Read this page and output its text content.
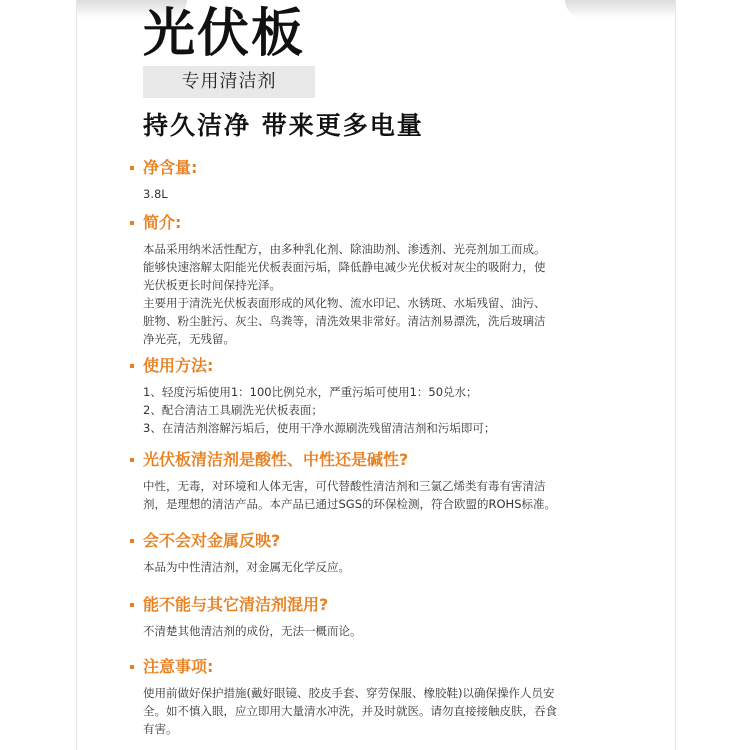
光伏板
专用清洁剂
持久洁净 带来更多电量
净含量:

3.8L

简介:

本品采用纳米活性配方，由多种乳化剂、除油助剂、渗透剂、光亮剂加工而成。

能够快速溶解太阳能光伏板表面污垢，降低静电减少光伏板对灰尘的吸附力，使

光伏板更长时间保持光泽。

主要用于清洗光伏板表面形成的风化物、流水印记、水锈斑、水垢残留、油污、

脏物、粉尘脏污、灰尘、鸟粪等，清洗效果非常好。清洁剂易漂洗，洗后玻璃洁

净光亮，无残留。

使用方法:

1、轻度污垢使用1：100比例兑水，严重污垢可使用1：50兑水；

2、配合清洁工具刷洗光伏板表面；

3、在清洁剂溶解污垢后，使用干净水源刷洗残留清洁剂和污垢即可；

光伏板清洁剂是酸性、中性还是碱性?

中性，无毒，对环境和人体无害，可代替酸性清洁剂和三氯乙烯类有毒有害清洁

剂，是理想的清洁产品。本产品已通过SGS的环保检测，符合欧盟的ROHS标准。

会不会对金属反映?

本品为中性清洁剂，对金属无化学反应。

能不能与其它清洁剂混用?

不清楚其他清洁剂的成份，无法一概而论。

注意事项:

使用前做好保护措施(戴好眼镜、胶皮手套、穿劳保服、橡胶鞋)以确保操作人员安

全。如不慎入眼，应立即用大量清水冲洗，并及时就医。请勿直接接触皮肤，吞食

有害。
